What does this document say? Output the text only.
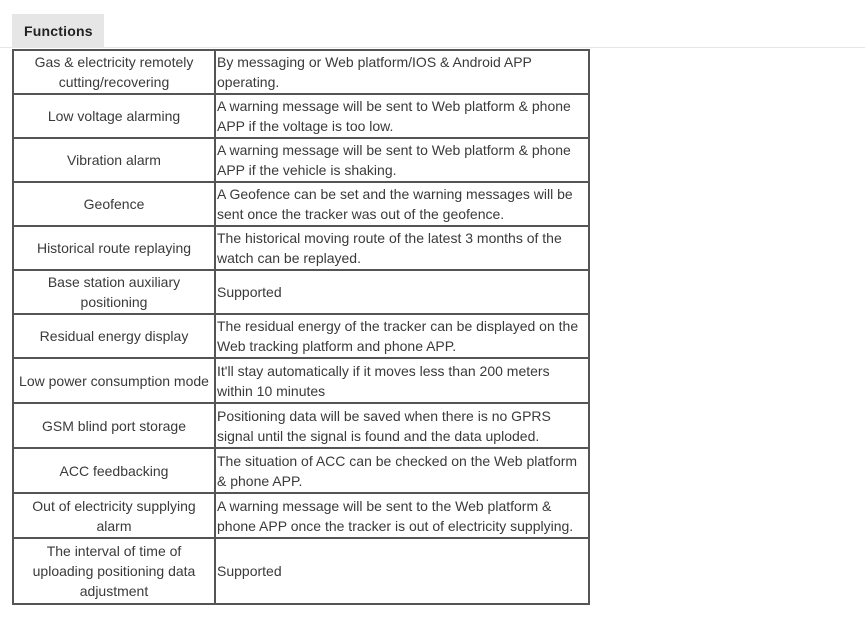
Functions
Gas & electricity remotely cutting/recovering	By messaging or Web platform/IOS & Android APP operating.
Low voltage alarming	A warning message will be sent to Web platform & phone APP if the voltage is too low.
Vibration alarm	A warning message will be sent to Web platform & phone APP if the vehicle is shaking.
Geofence	A Geofence can be set and the warning messages will be sent once the tracker was out of the geofence.
Historical route replaying	The historical moving route of the latest 3 months of the watch can be replayed.
Base station auxiliary positioning	Supported
Residual energy display	The residual energy of the tracker can be displayed on the Web tracking platform and phone APP.
Low power consumption mode	It'll stay automatically if it moves less than 200 meters within 10 minutes
GSM blind port storage	Positioning data will be saved when there is no GPRS signal until the signal is found and the data uploded.
ACC feedbacking	The situation of ACC can be checked on the Web platform & phone APP.
Out of electricity supplying alarm	A warning message will be sent to the Web platform & phone APP once the tracker is out of electricity supplying.
The interval of time of uploading positioning data adjustment	Supported
